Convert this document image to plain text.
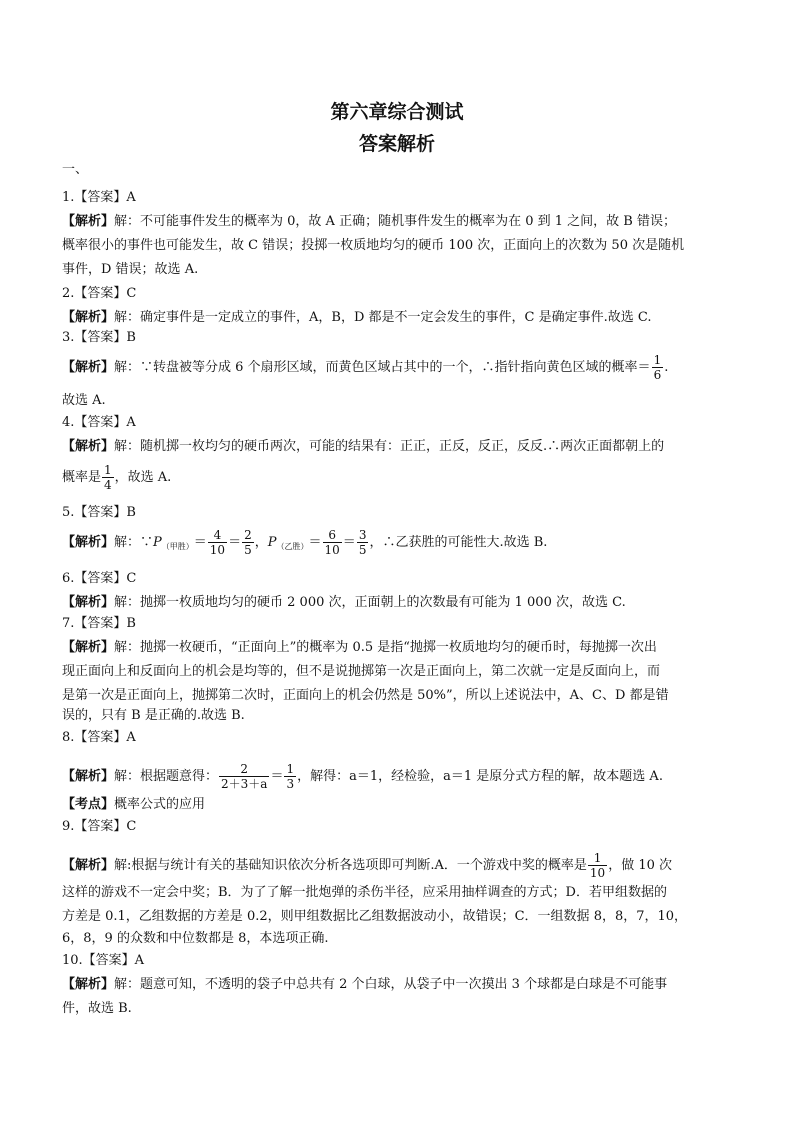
第六章综合测试
答案解析
一、
1.【答案】A
【解析】解：不可能事件发生的概率为 0，故 A 正确；随机事件发生的概率为在 0 到 1 之间，故 B 错误；
概率很小的事件也可能发生，故 C 错误；投掷一枚质地均匀的硬币 100 次，正面向上的次数为 50 次是随机
事件，D 错误；故选 A.
2.【答案】C
【解析】解：确定事件是一定成立的事件，A，B，D 都是不一定会发生的事件，C 是确定事件.故选 C.
3.【答案】B
【解析】解：∵转盘被等分成 6 个扇形区域，而黄色区域占其中的一个，∴指针指向黄色区域的概率＝ $\frac{1}{6}$ .
故选 A.
4.【答案】A
【解析】解：随机掷一枚均匀的硬币两次，可能的结果有：正正，正反，反正，反反.∴两次正面都朝上的
概率是 $\frac{1}{4}$ ，故选 A.
5.【答案】B
【解析】解：$\because P_{(甲胜)}= \frac{4}{10} = \frac{2}{5}$ ，$P_{(乙胜)}= \frac{6}{10} = \frac{3}{5}$ ，∴乙获胜的可能性大.故选 B.
6.【答案】C
【解析】解：抛掷一枚质地均匀的硬币 2 000 次，正面朝上的次数最有可能为 1 000 次，故选 C.
7.【答案】B
【解析】解：抛掷一枚硬币，“正面向上”的概率为 0.5 是指“抛掷一枚质地均匀的硬币时，每抛掷一次出
现正面向上和反面向上的机会是均等的，但不是说抛掷第一次是正面向上，第二次就一定是反面向上，而
是第一次是正面向上，抛掷第二次时，正面向上的机会仍然是 50%”，所以上述说法中，A、C、D 都是错
误的，只有 B 是正确的.故选 B.
8.【答案】A
【解析】解：根据题意得： $\frac{2}{2+3+a} = \frac{1}{3}$ ，解得：a＝1，经检验，a＝1 是原分式方程的解，故本题选 A.
【考点】概率公式的应用
9.【答案】C
【解析】解:根据与统计有关的基础知识依次分析各选项即可判断.A．一个游戏中奖的概率是 $\frac{1}{10}$ ，做 10 次
这样的游戏不一定会中奖；B．为了了解一批炮弹的杀伤半径，应采用抽样调查的方式；D．若甲组数据的
方差是 0.1，乙组数据的方差是 0.2，则甲组数据比乙组数据波动小，故错误；C．一组数据 8，8，7，10，
6，8，9 的众数和中位数都是 8，本选项正确.
10.【答案】A
【解析】解：题意可知，不透明的袋子中总共有 2 个白球，从袋子中一次摸出 3 个球都是白球是不可能事
件，故选 B.
